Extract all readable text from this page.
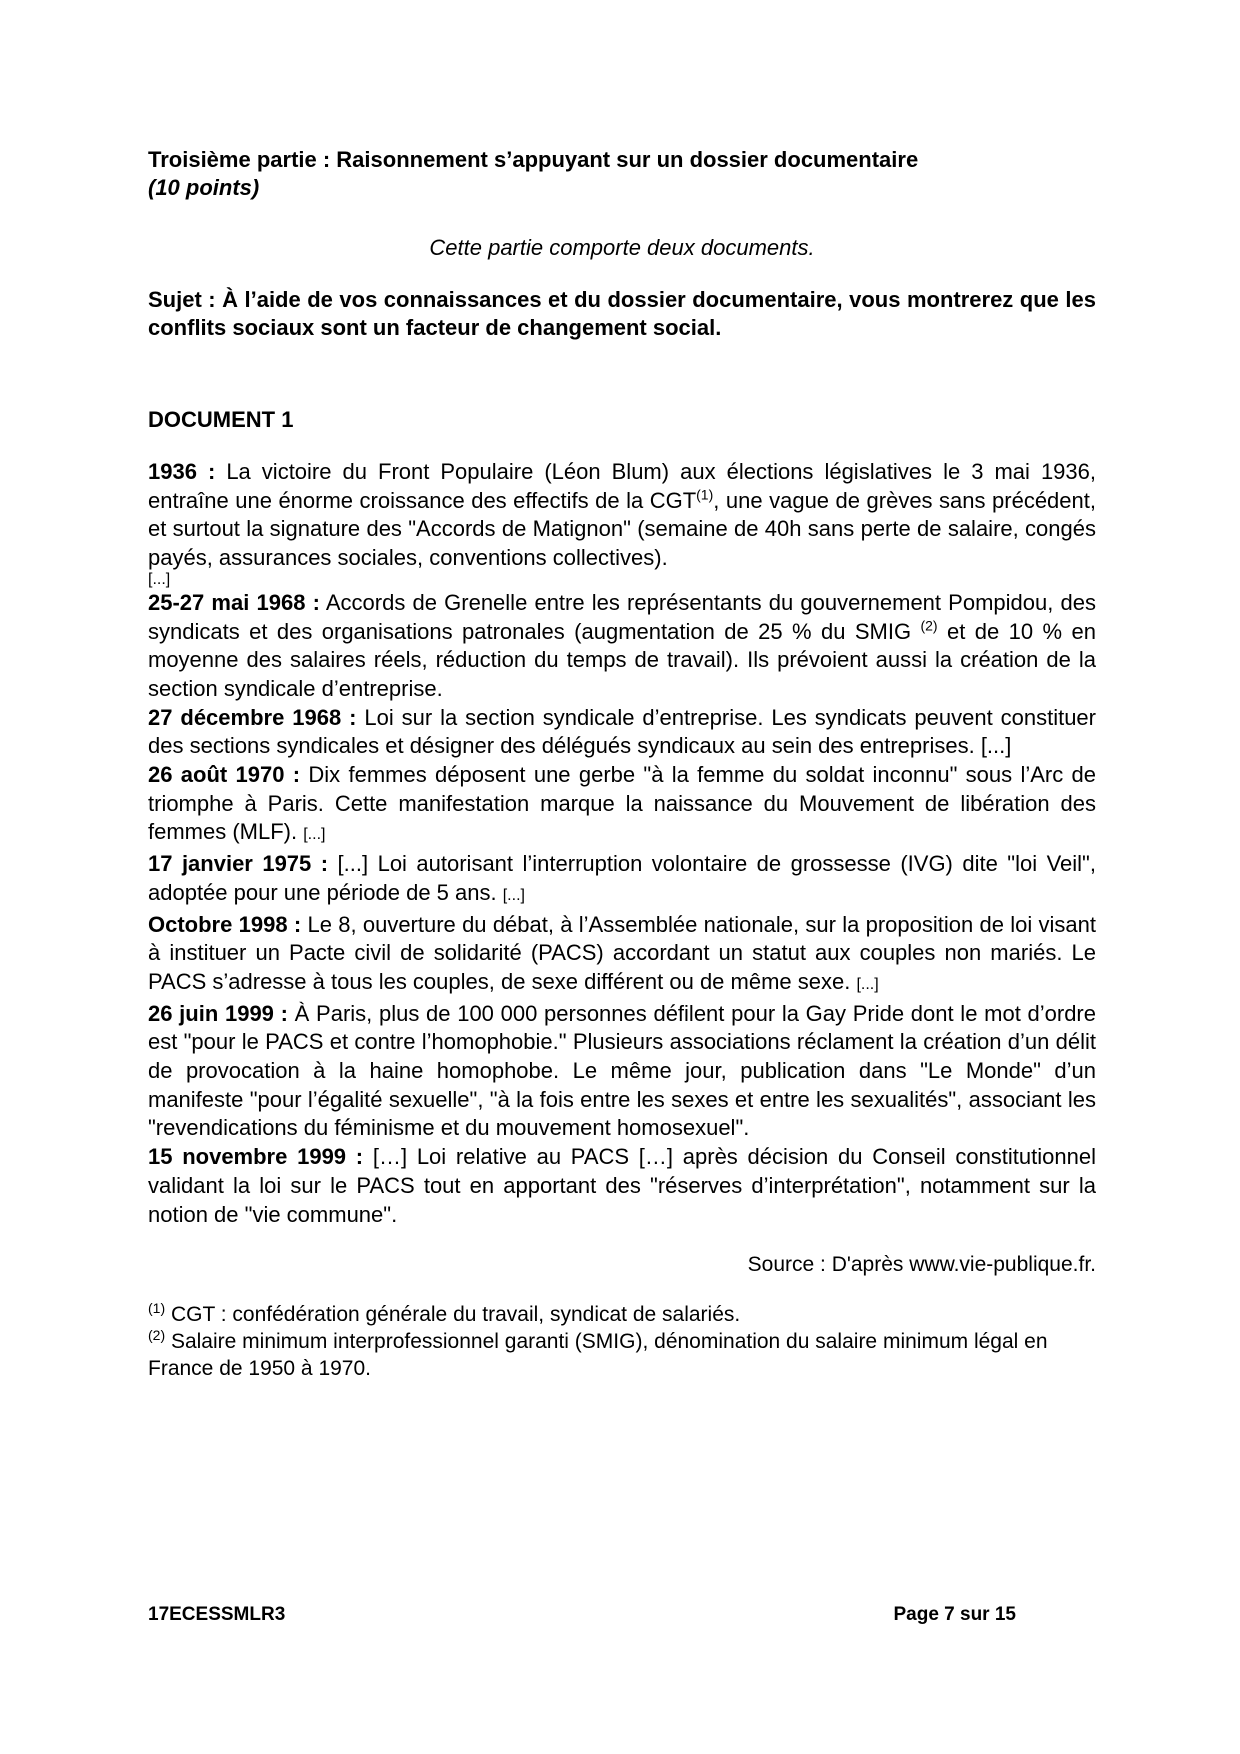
Troisième partie : Raisonnement s’appuyant sur un dossier documentaire

(10 points)

Cette partie comporte deux documents.

Sujet : À l’aide de vos connaissances et du dossier documentaire, vous montrerez que les conflits sociaux sont un facteur de changement social.

DOCUMENT 1

1936 : La victoire du Front Populaire (Léon Blum) aux élections législatives le 3 mai 1936, entraîne une énorme croissance des effectifs de la CGT$^{(1)}$, une vague de grèves sans précédent, et surtout la signature des "Accords de Matignon" (semaine de 40h sans perte de salaire, congés payés, assurances sociales, conventions collectives).

[...]

25-27 mai 1968 : Accords de Grenelle entre les représentants du gouvernement Pompidou, des syndicats et des organisations patronales (augmentation de 25 % du SMIG $^{(2)}$ et de 10 % en moyenne des salaires réels, réduction du temps de travail). Ils prévoient aussi la création de la section syndicale d’entreprise.

27 décembre 1968 : Loi sur la section syndicale d’entreprise. Les syndicats peuvent constituer des sections syndicales et désigner des délégués syndicaux au sein des entreprises. [...]

26 août 1970 : Dix femmes déposent une gerbe "à la femme du soldat inconnu" sous l’Arc de triomphe à Paris. Cette manifestation marque la naissance du Mouvement de libération des femmes (MLF). [...]

17 janvier 1975 : [...] Loi autorisant l’interruption volontaire de grossesse (IVG) dite "loi Veil", adoptée pour une période de 5 ans. [...]

Octobre 1998 : Le 8, ouverture du débat, à l’Assemblée nationale, sur la proposition de loi visant à instituer un Pacte civil de solidarité (PACS) accordant un statut aux couples non mariés. Le PACS s’adresse à tous les couples, de sexe différent ou de même sexe. [...]

26 juin 1999 : À Paris, plus de 100 000 personnes défilent pour la Gay Pride dont le mot d’ordre est "pour le PACS et contre l’homophobie." Plusieurs associations réclament la création d’un délit de provocation à la haine homophobe. Le même jour, publication dans "Le Monde" d’un manifeste "pour l’égalité sexuelle", "à la fois entre les sexes et entre les sexualités", associant les "revendications du féminisme et du mouvement homosexuel".

15 novembre 1999 : […] Loi relative au PACS […] après décision du Conseil constitutionnel validant la loi sur le PACS tout en apportant des "réserves d’interprétation", notamment sur la notion de "vie commune".

Source : D'après www.vie-publique.fr.

$^{(1)}$ CGT : confédération générale du travail, syndicat de salariés.

$^{(2)}$ Salaire minimum interprofessionnel garanti (SMIG), dénomination du salaire minimum légal en France de 1950 à 1970.

17ECESSMLR3	Page 7 sur 15
